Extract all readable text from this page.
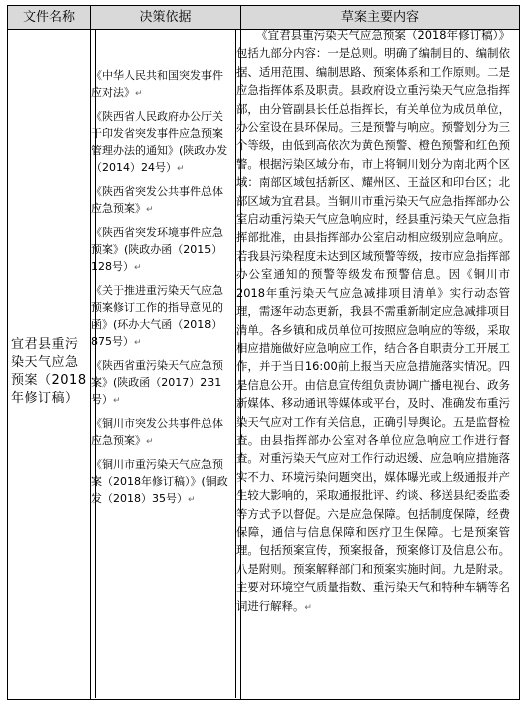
文件名称	决策依据	草案主要内容
宜君县重污染天气应急预案（2018年修订稿）

《中华人民共和国突发事件应对法》↵

《陕西省人民政府办公厅关于印发省突发事件应急预案管理办法的通知》(陕政办发（2014）24号）↵

《陕西省突发公共事件总体应急预案》↵

《陕西省突发环境事件应急预案》(陕政办函（2015）128号）↵

《关于推进重污染天气应急预案修订工作的指导意见的函》(环办大气函（2018）875号）↵

《陕西省重污染天气应急预案》(陕政函（2017）231号）↵

《铜川市突发公共事件总体应急预案》↵

《铜川市重污染天气应急预案（2018年修订稿）》(铜政发（2018）35号）↵

《宜君县重污染天气应急预案（2018年修订稿）》包括九部分内容：一是总则。明确了编制目的、编制依据、适用范围、编制思路、预案体系和工作原则。二是应急指挥体系及职责。县政府设立重污染天气应急指挥部，由分管副县长任总指挥长，有关单位为成员单位，办公室设在县环保局。三是预警与响应。预警划分为三个等级，由低到高依次为黄色预警、橙色预警和红色预警。根据污染区域分布，市上将铜川划分为南北两个区域：南部区域包括新区、耀州区、王益区和印台区；北部区域为宜君县。当铜川市重污染天气应急指挥部办公室启动重污染天气应急响应时，经县重污染天气应急指挥部批准，由县指挥部办公室启动相应级别应急响应。若我县污染程度未达到区域预警等级，按市应急指挥部办公室通知的预警等级发布预警信息。因《铜川市2018年重污染天气应急减排项目清单》实行动态管理，需逐年动态更新，我县不需重新制定应急减排项目清单。各乡镇和成员单位可按照应急响应的等级，采取相应措施做好应急响应工作，结合各自职责分工开展工作，并于当日16:00前上报当天应急措施落实情况。四是信息公开。由信息宣传组负责协调广播电视台、政务新媒体、移动通讯等媒体或平台，及时、准确发布重污染天气应对工作有关信息，正确引导舆论。五是监督检查。由县指挥部办公室对各单位应急响应工作进行督查。对重污染天气应对工作行动迟缓、应急响应措施落实不力、环境污染问题突出，媒体曝光或上级通报并产生较大影响的，采取通报批评、约谈、移送县纪委监委等方式予以督促。六是应急保障。包括制度保障，经费保障，通信与信息保障和医疗卫生保障。七是预案管理。包括预案宣传，预案报备，预案修订及信息公布。八是附则。预案解释部门和预案实施时间。九是附录。主要对环境空气质量指数、重污染天气和特种车辆等名词进行解释。↵
